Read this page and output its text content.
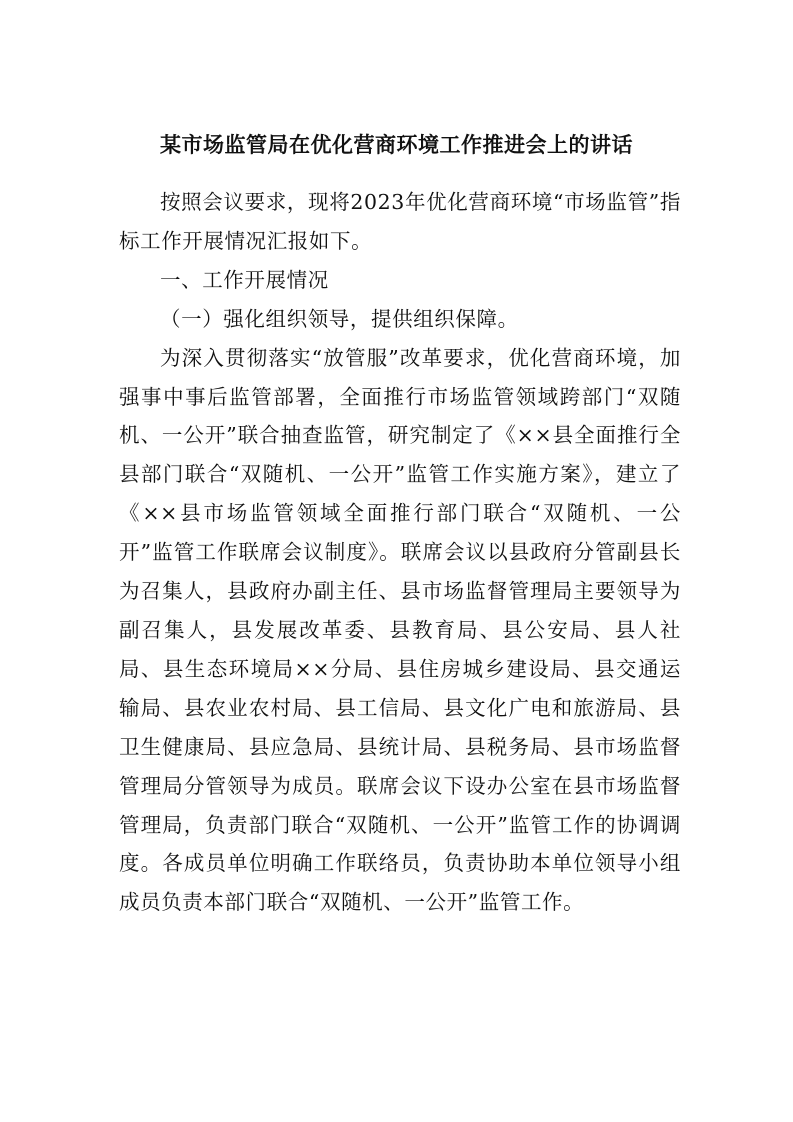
某市场监管局在优化营商环境工作推进会上的讲话

按照会议要求，现将2023年优化营商环境“市场监管”指标工作开展情况汇报如下。

一、工作开展情况

（一）强化组织领导，提供组织保障。

为深入贯彻落实“放管服”改革要求，优化营商环境，加强事中事后监管部署，全面推行市场监管领域跨部门“双随机、一公开”联合抽查监管，研究制定了《××县全面推行全县部门联合“双随机、一公开”监管工作实施方案》，建立了《××县市场监管领域全面推行部门联合“双随机、一公开”监管工作联席会议制度》。联席会议以县政府分管副县长为召集人，县政府办副主任、县市场监督管理局主要领导为副召集人，县发展改革委、县教育局、县公安局、县人社局、县生态环境局××分局、县住房城乡建设局、县交通运输局、县农业农村局、县工信局、县文化广电和旅游局、县卫生健康局、县应急局、县统计局、县税务局、县市场监督管理局分管领导为成员。联席会议下设办公室在县市场监督管理局，负责部门联合“双随机、一公开”监管工作的协调调度。各成员单位明确工作联络员，负责协助本单位领导小组成员负责本部门联合“双随机、一公开”监管工作。
